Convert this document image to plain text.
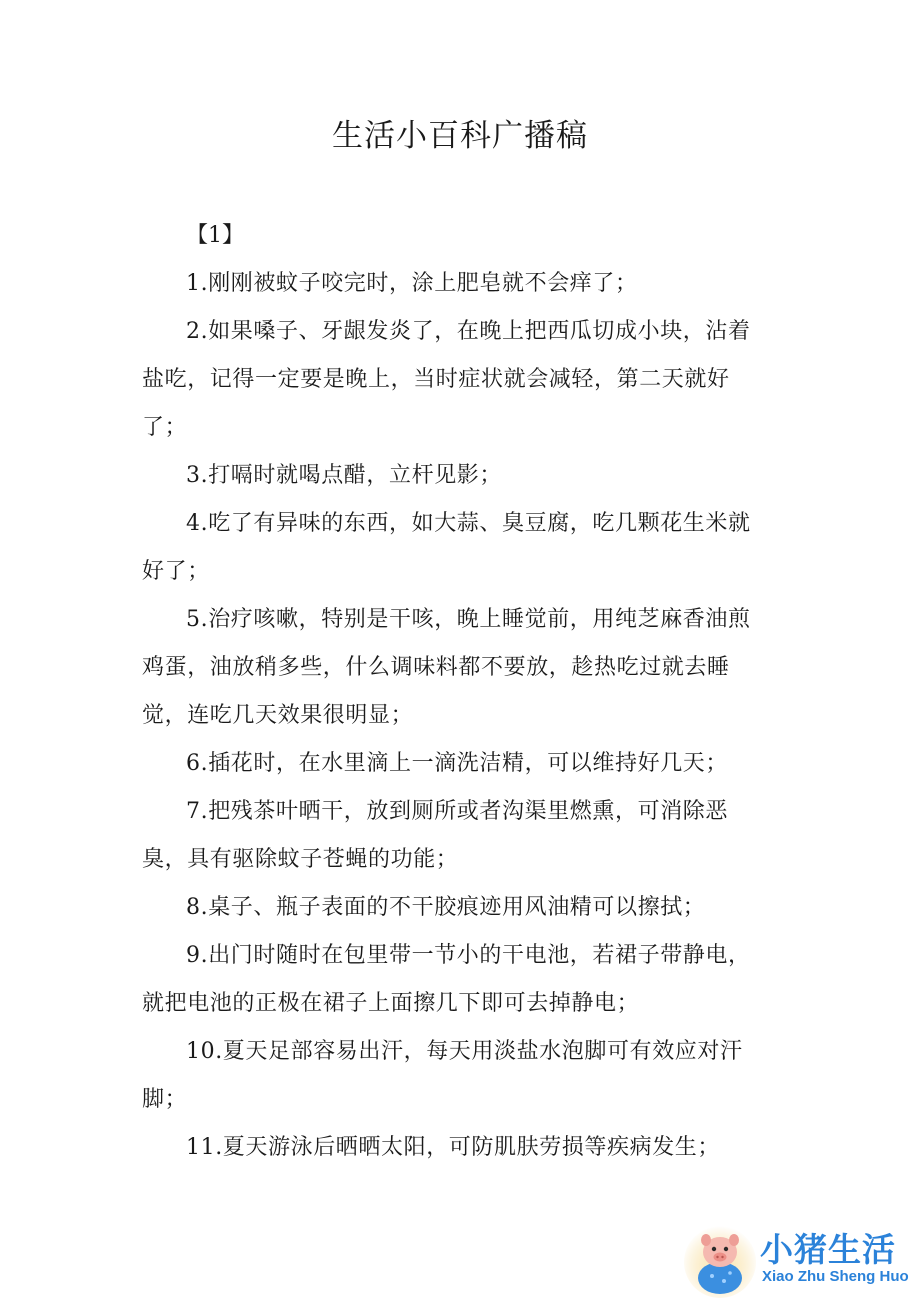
生活小百科广播稿

【1】

1.刚刚被蚊子咬完时，涂上肥皂就不会痒了；

2.如果嗓子、牙龈发炎了，在晚上把西瓜切成小块，沾着盐吃，记得一定要是晚上，当时症状就会减轻，第二天就好了；

3.打嗝时就喝点醋，立杆见影；

4.吃了有异味的东西，如大蒜、臭豆腐，吃几颗花生米就好了；

5.治疗咳嗽，特别是干咳，晚上睡觉前，用纯芝麻香油煎鸡蛋，油放稍多些，什么调味料都不要放，趁热吃过就去睡觉，连吃几天效果很明显；

6.插花时，在水里滴上一滴洗洁精，可以维持好几天；

7.把残茶叶晒干，放到厕所或者沟渠里燃熏，可消除恶臭，具有驱除蚊子苍蝇的功能；

8.桌子、瓶子表面的不干胶痕迹用风油精可以擦拭；

9.出门时随时在包里带一节小的干电池，若裙子带静电，就把电池的正极在裙子上面擦几下即可去掉静电；

10.夏天足部容易出汗，每天用淡盐水泡脚可有效应对汗脚；

11.夏天游泳后晒晒太阳，可防肌肤劳损等疾病发生；

小猪生活
Xiao Zhu Sheng Huo
